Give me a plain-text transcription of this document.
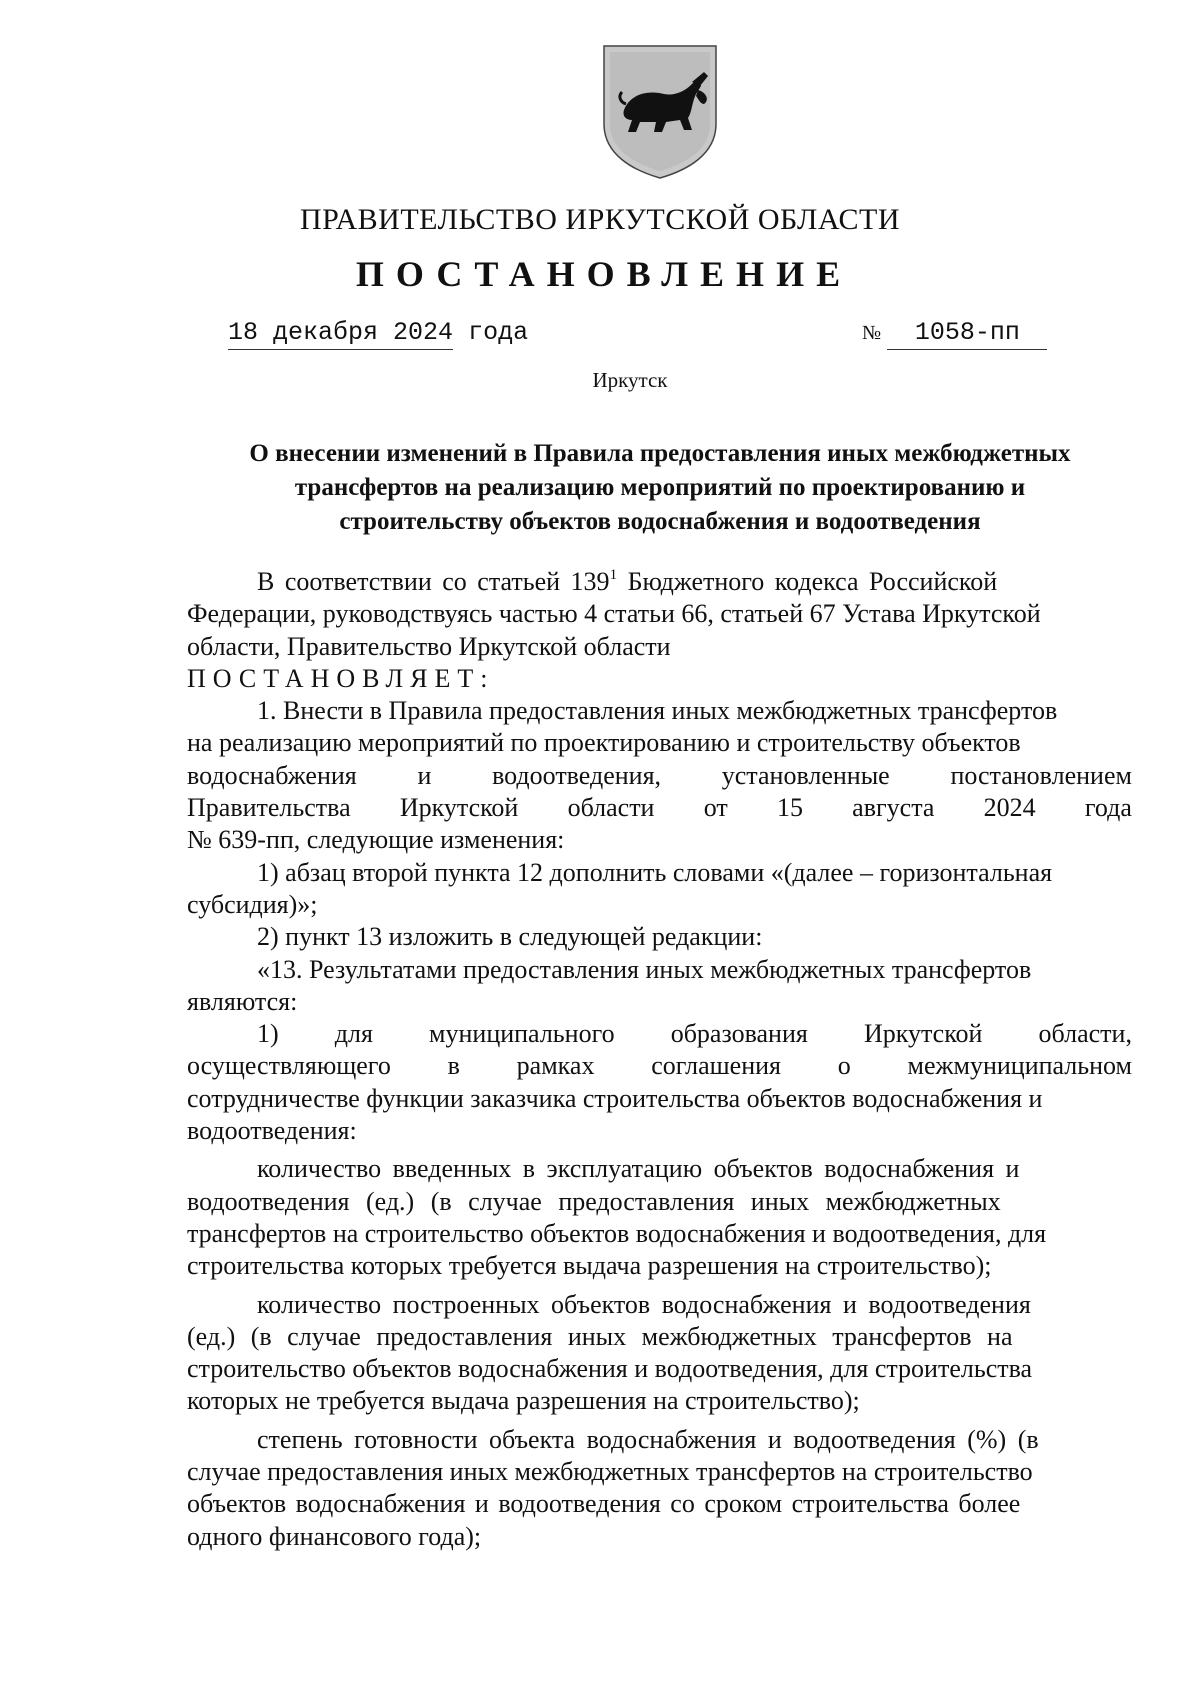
ПРАВИТЕЛЬСТВО ИРКУТСКОЙ ОБЛАСТИ
ПОСТАНОВЛЕНИЕ
18 декабря 2024 года	№ 1058-пп
Иркутск
О внесении изменений в Правила предоставления иных межбюджетных
трансфертов на реализацию мероприятий по проектированию и
строительству объектов водоснабжения и водоотведения
В соответствии со статьей $139^1$ Бюджетного кодекса Российской
Федерации, руководствуясь частью 4 статьи 66, статьей 67 Устава Иркутской
области, Правительство Иркутской области
ПОСТАНОВЛЯЕТ:
1. Внести в Правила предоставления иных межбюджетных трансфертов
на реализацию мероприятий по проектированию и строительству объектов
водоснабжения и водоотведения, установленные постановлением
Правительства Иркутской области от 15 августа 2024 года
№ 639-пп, следующие изменения:
1) абзац второй пункта 12 дополнить словами «(далее – горизонтальная
субсидия)»;
2) пункт 13 изложить в следующей редакции:
«13. Результатами предоставления иных межбюджетных трансфертов
являются:
1) для муниципального образования Иркутской области,
осуществляющего в рамках соглашения о межмуниципальном
сотрудничестве функции заказчика строительства объектов водоснабжения и
водоотведения:
количество введенных в эксплуатацию объектов водоснабжения и
водоотведения (ед.) (в случае предоставления иных межбюджетных
трансфертов на строительство объектов водоснабжения и водоотведения, для
строительства которых требуется выдача разрешения на строительство);
количество построенных объектов водоснабжения и водоотведения
(ед.) (в случае предоставления иных межбюджетных трансфертов на
строительство объектов водоснабжения и водоотведения, для строительства
которых не требуется выдача разрешения на строительство);
степень готовности объекта водоснабжения и водоотведения (%) (в
случае предоставления иных межбюджетных трансфертов на строительство
объектов водоснабжения и водоотведения со сроком строительства более
одного финансового года);
